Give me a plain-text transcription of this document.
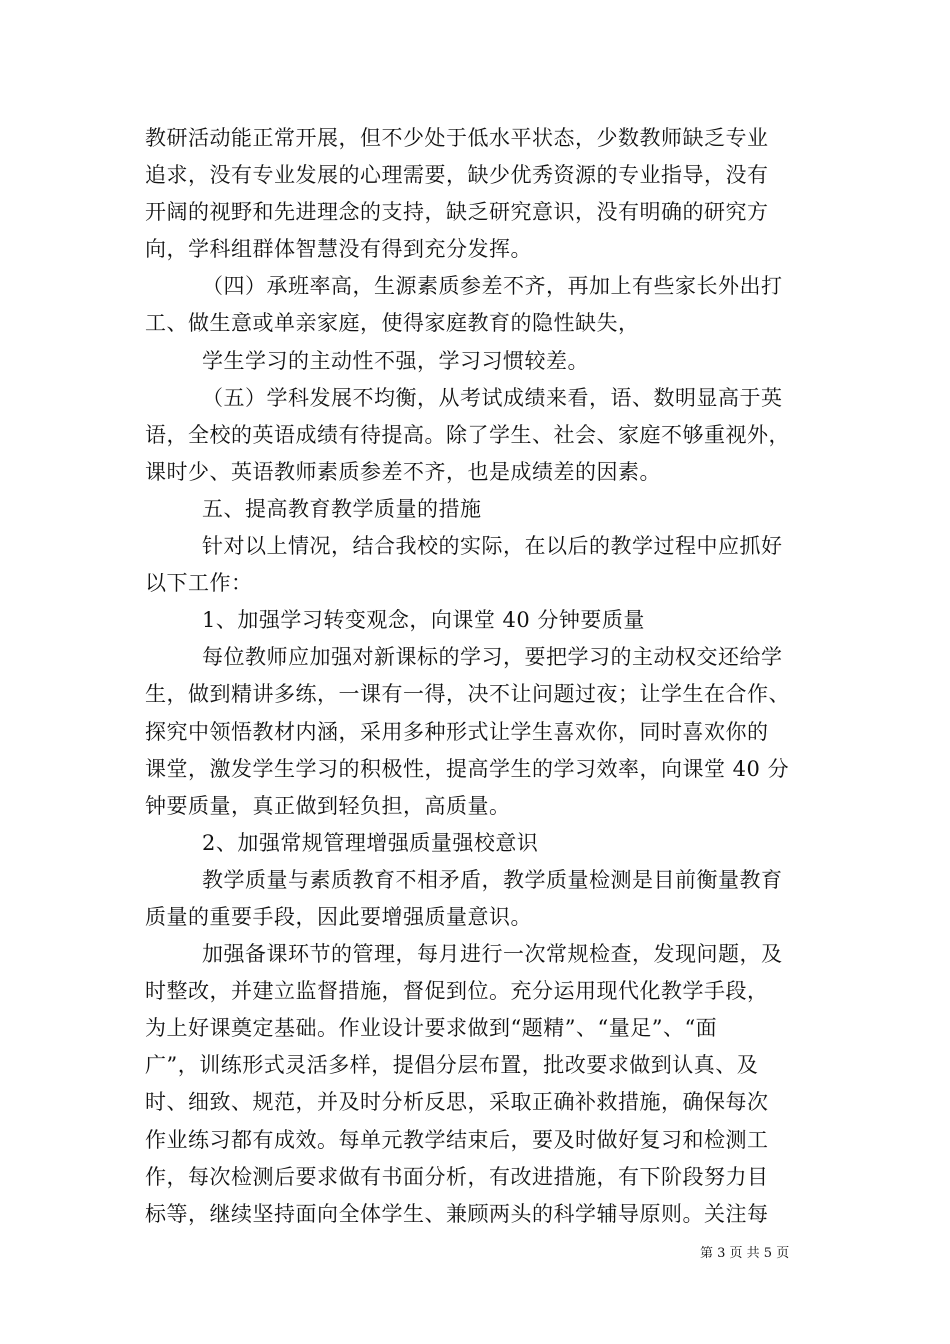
教研活动能正常开展，但不少处于低水平状态，少数教师缺乏专业
追求，没有专业发展的心理需要，缺少优秀资源的专业指导，没有
开阔的视野和先进理念的支持，缺乏研究意识，没有明确的研究方
向，学科组群体智慧没有得到充分发挥。
（四）承班率高，生源素质参差不齐，再加上有些家长外出打
工、做生意或单亲家庭，使得家庭教育的隐性缺失，
学生学习的主动性不强，学习习惯较差。
（五）学科发展不均衡，从考试成绩来看，语、数明显高于英
语，全校的英语成绩有待提高。除了学生、社会、家庭不够重视外，
课时少、英语教师素质参差不齐，也是成绩差的因素。
五、提高教育教学质量的措施
针对以上情况，结合我校的实际，在以后的教学过程中应抓好
以下工作：
1、加强学习转变观念，向课堂 40 分钟要质量
每位教师应加强对新课标的学习，要把学习的主动权交还给学
生，做到精讲多练，一课有一得，决不让问题过夜；让学生在合作、
探究中领悟教材内涵，采用多种形式让学生喜欢你，同时喜欢你的
课堂，激发学生学习的积极性，提高学生的学习效率，向课堂 40 分
钟要质量，真正做到轻负担，高质量。
2、加强常规管理增强质量强校意识
教学质量与素质教育不相矛盾，教学质量检测是目前衡量教育
质量的重要手段，因此要增强质量意识。
加强备课环节的管理，每月进行一次常规检查，发现问题，及
时整改，并建立监督措施，督促到位。充分运用现代化教学手段，
为上好课奠定基础。作业设计要求做到“题精”、“量足”、“面
广”，训练形式灵活多样，提倡分层布置，批改要求做到认真、及
时、细致、规范，并及时分析反思，采取正确补救措施，确保每次
作业练习都有成效。每单元教学结束后，要及时做好复习和检测工
作，每次检测后要求做有书面分析，有改进措施，有下阶段努力目
标等，继续坚持面向全体学生、兼顾两头的科学辅导原则。关注每
第 3 页 共 5 页
